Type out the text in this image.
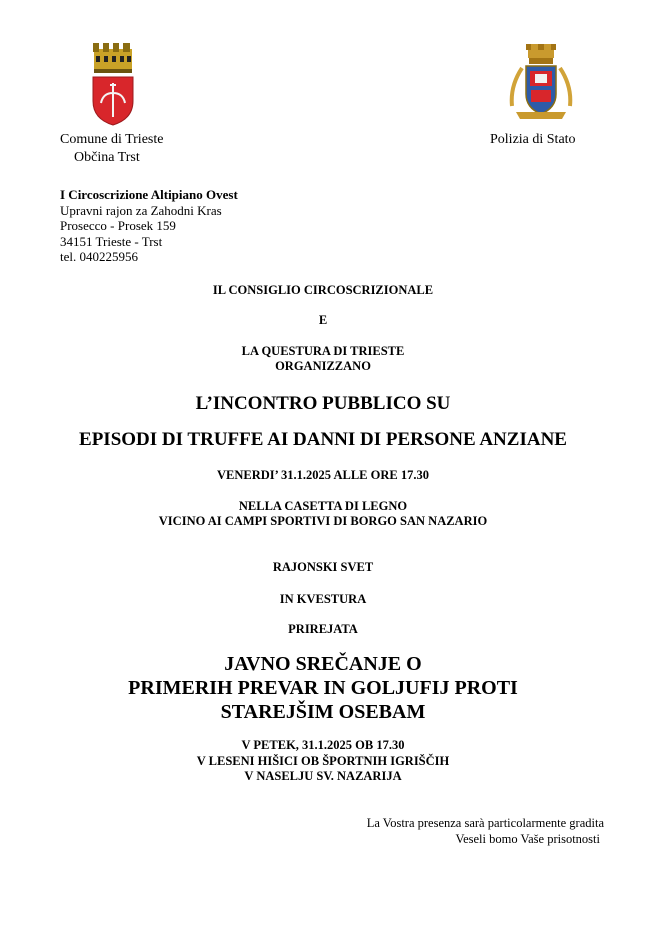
Comune di Trieste
Občina Trst
Polizia di Stato
I Circoscrizione Altipiano Ovest
Upravni rajon za Zahodni Kras
Prosecco - Prosek 159
34151 Trieste - Trst
tel. 040225956
IL CONSIGLIO CIRCOSCRIZIONALE
E
LA QUESTURA DI TRIESTE
ORGANIZZANO
L’INCONTRO PUBBLICO SU
EPISODI DI TRUFFE AI DANNI DI PERSONE ANZIANE
VENERDI’ 31.1.2025 ALLE ORE 17.30
NELLA CASETTA DI LEGNO
VICINO AI CAMPI SPORTIVI DI BORGO SAN NAZARIO
RAJONSKI SVET
IN KVESTURA
PRIREJATA
JAVNO SREČANJE O
PRIMERIH PREVAR IN GOLJUFIJ PROTI
STAREJŠIM OSEBAM
V PETEK, 31.1.2025 OB 17.30
V LESENI HIŠICI OB ŠPORTNIH IGRIŠČIH
V NASELJU SV. NAZARIJA
La Vostra presenza sarà particolarmente gradita
Veseli bomo Vaše prisotnosti
